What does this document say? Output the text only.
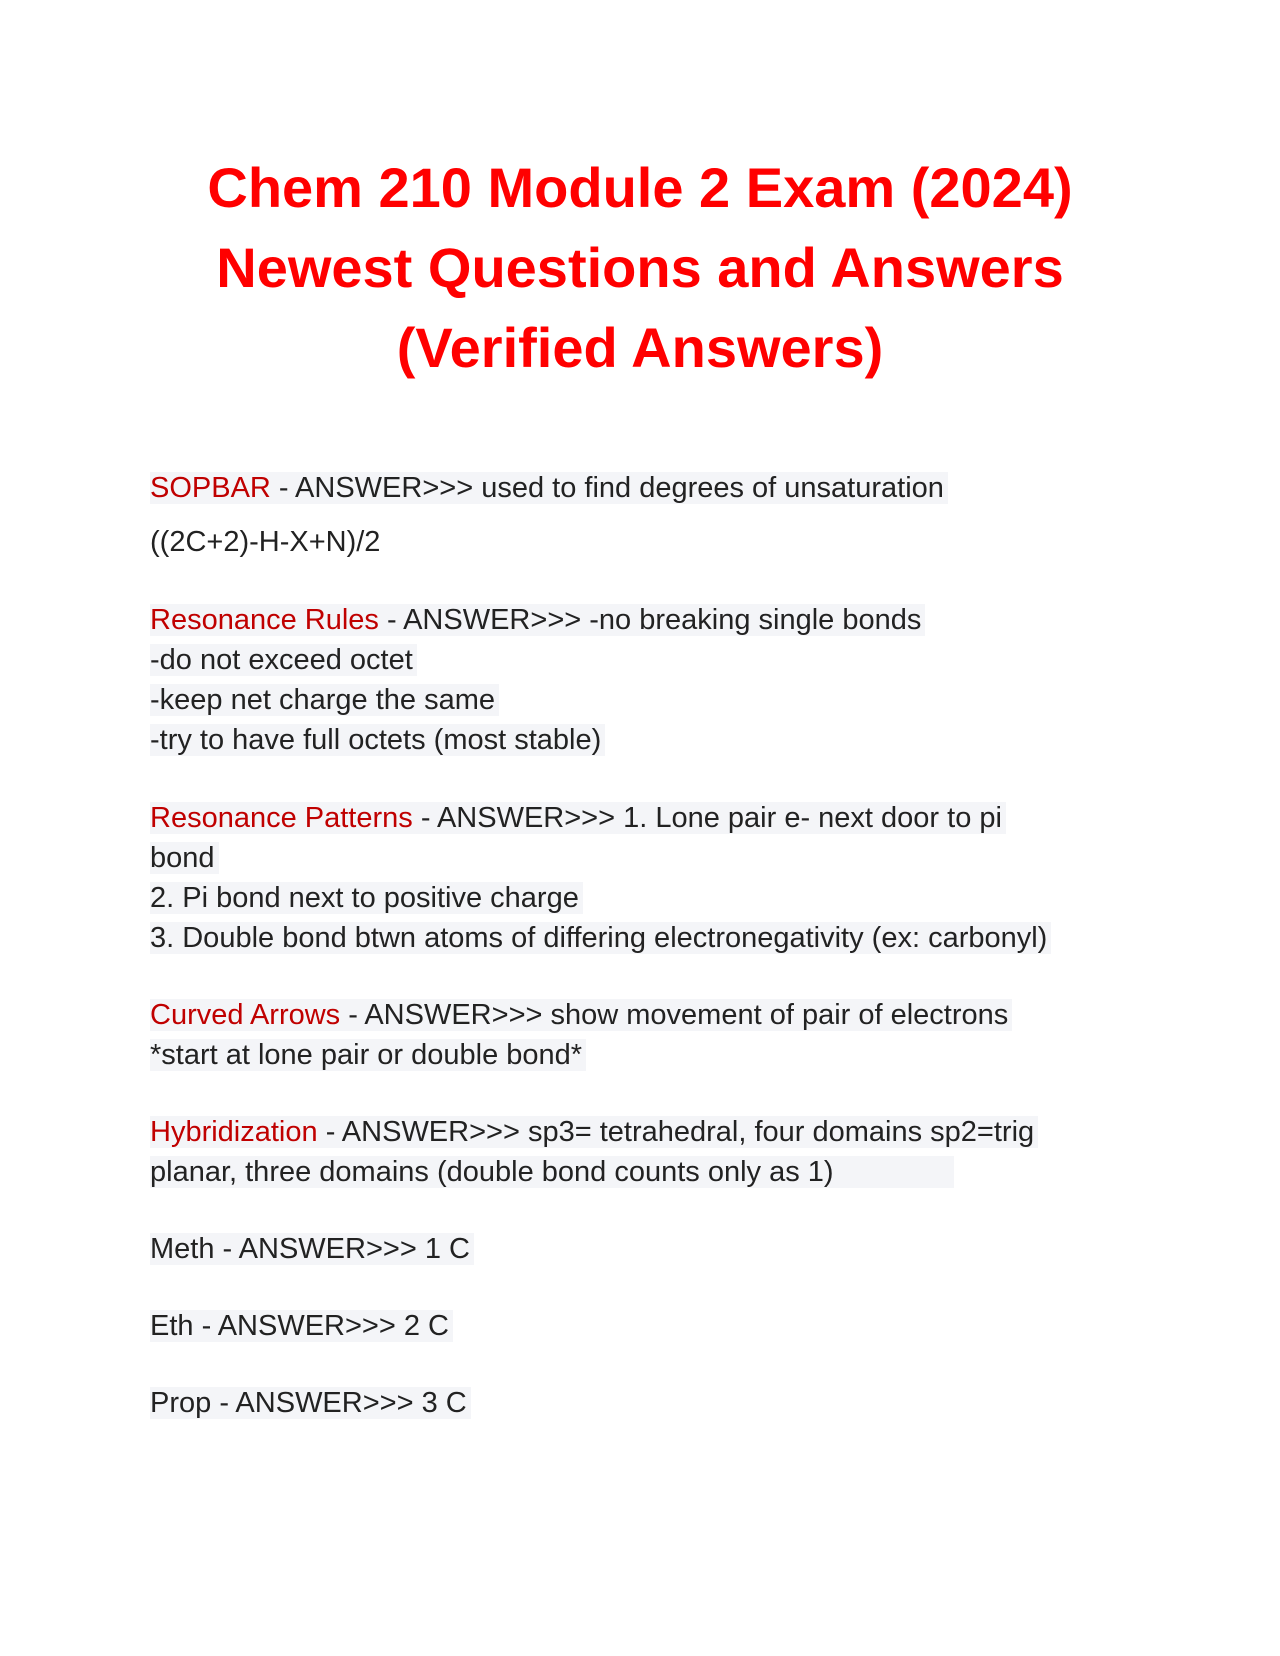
Chem 210 Module 2 Exam (2024)
Newest Questions and Answers
(Verified Answers)
SOPBAR - ANSWER>>> used to find degrees of unsaturation
((2C+2)-H-X+N)/2
Resonance Rules - ANSWER>>> -no breaking single bonds
-do not exceed octet
-keep net charge the same
-try to have full octets (most stable)
Resonance Patterns - ANSWER>>> 1. Lone pair e- next door to pi
bond
2. Pi bond next to positive charge
3. Double bond btwn atoms of differing electronegativity (ex: carbonyl)
Curved Arrows - ANSWER>>> show movement of pair of electrons
*start at lone pair or double bond*
Hybridization - ANSWER>>> sp3= tetrahedral, four domains sp2=trig
planar, three domains (double bond counts only as 1)
Meth - ANSWER>>> 1 C
Eth - ANSWER>>> 2 C
Prop - ANSWER>>> 3 C
